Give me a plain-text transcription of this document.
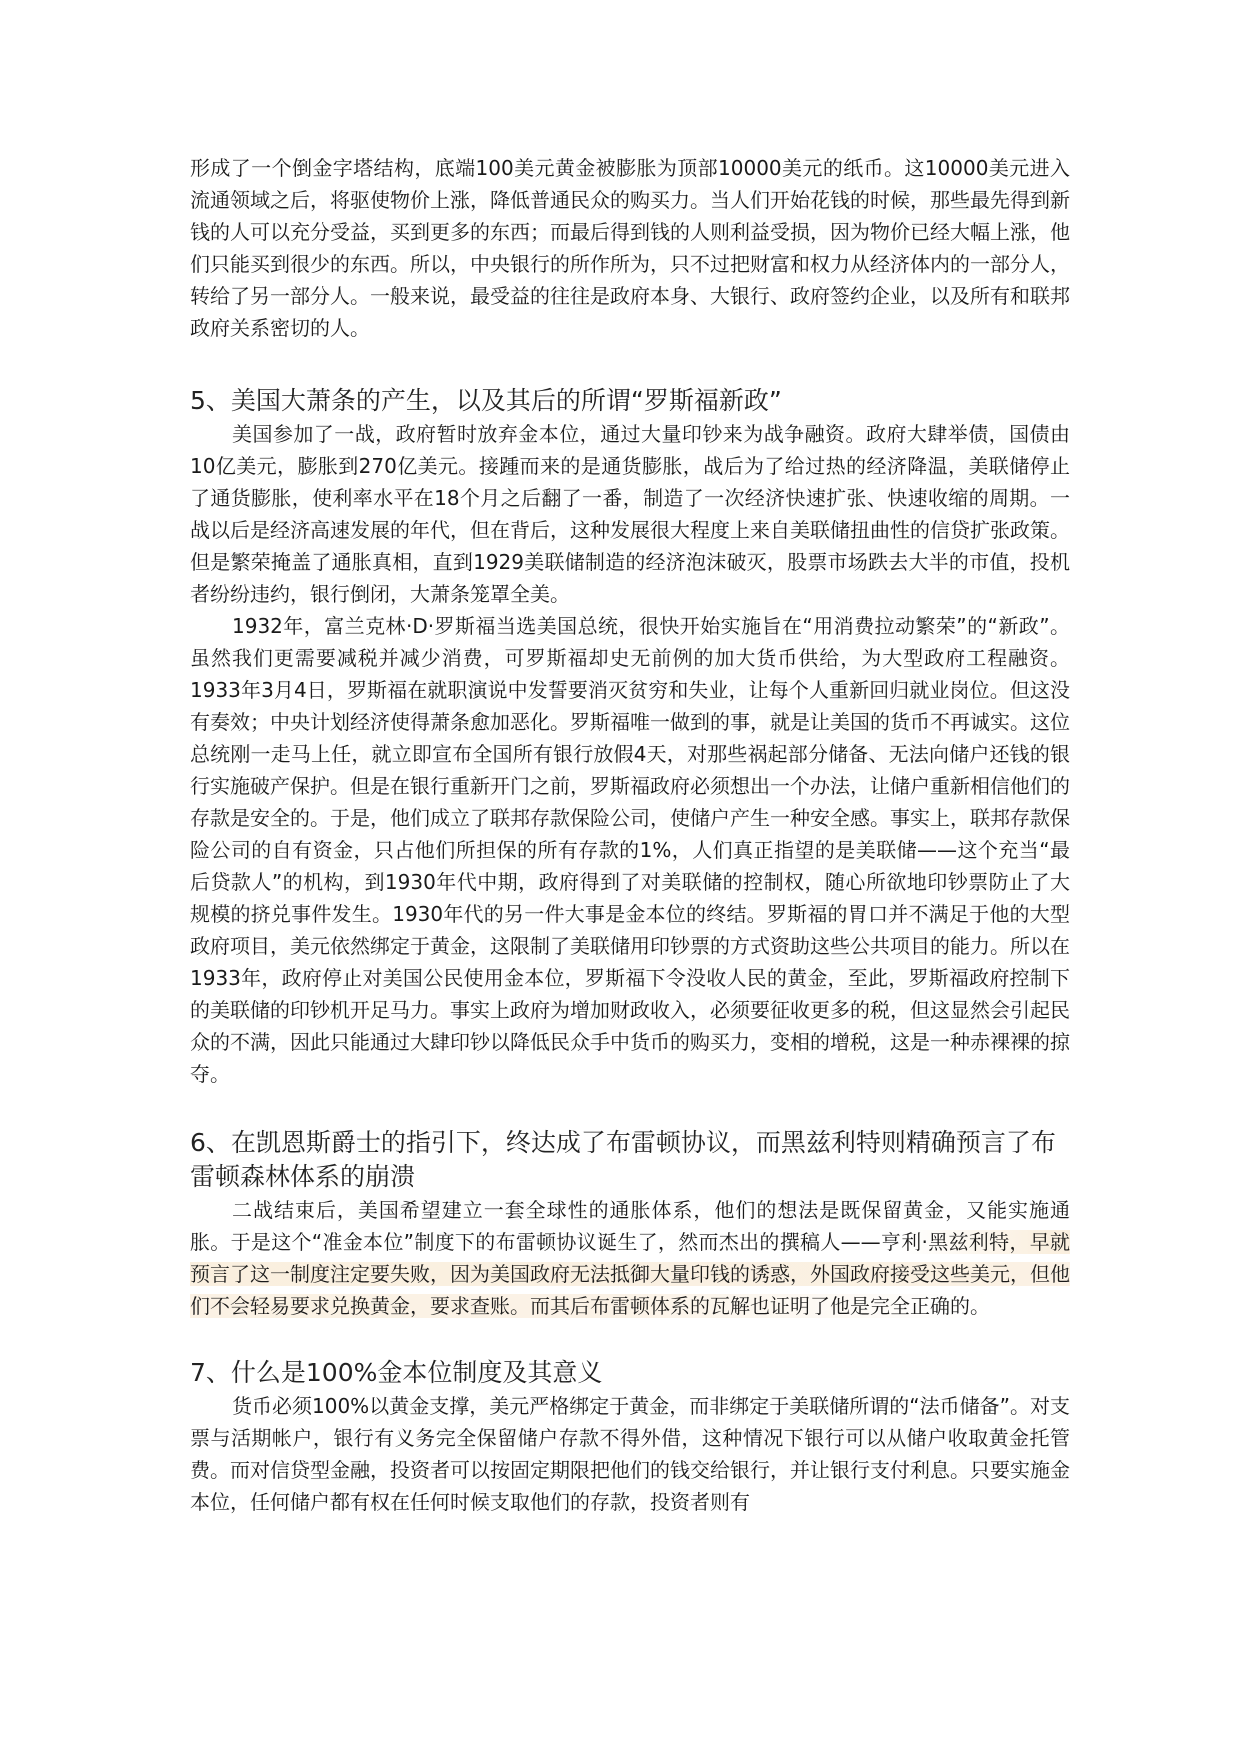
形成了一个倒金字塔结构，底端100美元黄金被膨胀为顶部10000美元的纸币。这10000美元进入流通领域之后，将驱使物价上涨，降低普通民众的购买力。当人们开始花钱的时候，那些最先得到新钱的人可以充分受益，买到更多的东西；而最后得到钱的人则利益受损，因为物价已经大幅上涨，他们只能买到很少的东西。所以，中央银行的所作所为，只不过把财富和权力从经济体内的一部分人，转给了另一部分人。一般来说，最受益的往往是政府本身、大银行、政府签约企业，以及所有和联邦政府关系密切的人。

5、美国大萧条的产生，以及其后的所谓“罗斯福新政”

美国参加了一战，政府暂时放弃金本位，通过大量印钞来为战争融资。政府大肆举债，国债由10亿美元，膨胀到270亿美元。接踵而来的是通货膨胀，战后为了给过热的经济降温，美联储停止了通货膨胀，使利率水平在18个月之后翻了一番，制造了一次经济快速扩张、快速收缩的周期。一战以后是经济高速发展的年代，但在背后，这种发展很大程度上来自美联储扭曲性的信贷扩张政策。但是繁荣掩盖了通胀真相，直到1929美联储制造的经济泡沫破灭，股票市场跌去大半的市值，投机者纷纷违约，银行倒闭，大萧条笼罩全美。

1932年，富兰克林·D·罗斯福当选美国总统，很快开始实施旨在“用消费拉动繁荣”的“新政”。虽然我们更需要减税并减少消费，可罗斯福却史无前例的加大货币供给，为大型政府工程融资。1933年3月4日，罗斯福在就职演说中发誓要消灭贫穷和失业，让每个人重新回归就业岗位。但这没有奏效；中央计划经济使得萧条愈加恶化。罗斯福唯一做到的事，就是让美国的货币不再诚实。这位总统刚一走马上任，就立即宣布全国所有银行放假4天，对那些祸起部分储备、无法向储户还钱的银行实施破产保护。但是在银行重新开门之前，罗斯福政府必须想出一个办法，让储户重新相信他们的存款是安全的。于是，他们成立了联邦存款保险公司，使储户产生一种安全感。事实上，联邦存款保险公司的自有资金，只占他们所担保的所有存款的1%，人们真正指望的是美联储——这个充当“最后贷款人”的机构，到1930年代中期，政府得到了对美联储的控制权，随心所欲地印钞票防止了大规模的挤兑事件发生。1930年代的另一件大事是金本位的终结。罗斯福的胃口并不满足于他的大型政府项目，美元依然绑定于黄金，这限制了美联储用印钞票的方式资助这些公共项目的能力。所以在1933年，政府停止对美国公民使用金本位，罗斯福下令没收人民的黄金，至此，罗斯福政府控制下的美联储的印钞机开足马力。事实上政府为增加财政收入，必须要征收更多的税，但这显然会引起民众的不满，因此只能通过大肆印钞以降低民众手中货币的购买力，变相的增税，这是一种赤裸裸的掠夺。

6、在凯恩斯爵士的指引下，终达成了布雷顿协议，而黑兹利特则精确预言了布雷顿森林体系的崩溃

二战结束后，美国希望建立一套全球性的通胀体系，他们的想法是既保留黄金，又能实施通胀。于是这个“准金本位”制度下的布雷顿协议诞生了，然而杰出的撰稿人——亨利·黑兹利特，早就预言了这一制度注定要失败，因为美国政府无法抵御大量印钱的诱惑，外国政府接受这些美元，但他们不会轻易要求兑换黄金，要求查账。而其后布雷顿体系的瓦解也证明了他是完全正确的。

7、什么是100%金本位制度及其意义

货币必须100%以黄金支撑，美元严格绑定于黄金，而非绑定于美联储所谓的“法币储备”。对支票与活期帐户，银行有义务完全保留储户存款不得外借，这种情况下银行可以从储户收取黄金托管费。而对信贷型金融，投资者可以按固定期限把他们的钱交给银行，并让银行支付利息。只要实施金本位，任何储户都有权在任何时候支取他们的存款，投资者则有
